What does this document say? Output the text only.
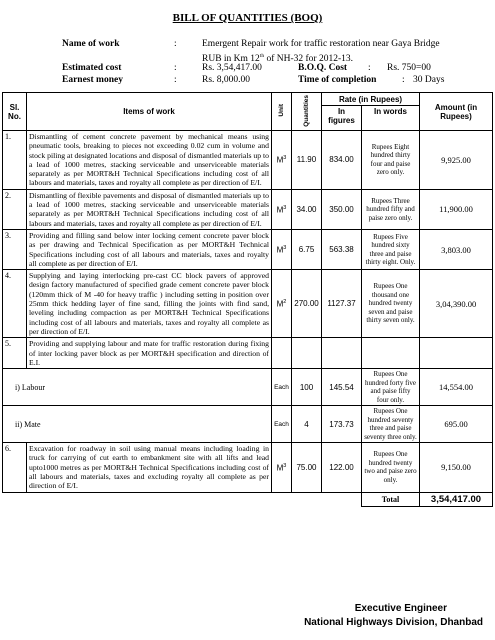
BILL OF QUANTITIES (BOQ)
Name of work	:	Emergent Repair work for traffic restoration near Gaya Bridge
RUB in Km 12th of NH-32 for 2012-13.
Estimated cost	:	Rs. 3,54,417.00	B.O.Q. Cost : Rs. 750=00
Earnest money	:	Rs. 8,000.00	Time of completion	: 30 Days
Sl. No.	Items of work	Unit	Quantities	Rate (in Rupees)		Amount (in Rupees)
				In figures	In words	
1.	Dismantling of cement concrete pavement by mechanical means using pneumatic tools, breaking to pieces not exceeding 0.02 cum in volume and stock piling at designated locations and disposal of dismantled materials up to a lead of 1000 metres, stacking serviceable and unserviceable materials separately as per MORT&H Technical Specifications including cost of all labours and materials, taxes and royalty all complete as per direction of E/I.	$M^3$	11.90	834.00	Rupees Eight hundred thirty four and paise zero only.	9,925.00
2.	Dismantling of flexible pavements and disposal of dismantled materials up to a lead of 1000 metres, stacking serviceable and unserviceable materials separately as per MORT&H Technical Specifications including cost of all labours and materials, taxes and royalty all complete as per direction of E/I.	$M^3$	34.00	350.00	Rupees Three hundred fifty and paise zero only.	11,900.00
3.	Providing and filling sand below inter locking cement concrete paver block as per drawing and Technical Specification as per MORT&H Technical Specifications including cost of all labours and materials, taxes and royalty all complete as per direction of E/I.	$M^3$	6.75	563.38	Rupees Five hundred sixty three and paise thirty eight. Only.	3,803.00
4.	Supplying and laying interlocking pre-cast CC block pavers of approved design factory manufactured of specified grade cement concrete paver block (120mm thick of M -40 for heavy traffic ) including setting in position over 25mm thick hedding layer of fine sand, filling the joints with find sand, leveling including compaction as per MORT&H Technical Specifications including cost of all labours and materials, taxes and royalty all complete as per direction of E/I.	$M^2$	270.00	1127.37	Rupees One thousand one hundred twenty seven and paise thirty seven only.	3,04,390.00
5.	Providing and supplying labour and mate for traffic restoration during fixing of inter locking paver block as per MORT&H specification and direction of E.I.					
i) Labour		Each	100	145.54	Rupees One hundred forty five and paise fifty four only.	14,554.00
ii) Mate		Each	4	173.73	Rupees One hundred seventy three and paise seventy three only.	695.00
6.	Excavation for roadway in soil using manual means including loading in truck for carrying of cut earth to embankment site with all lifts and lead upto1000 metres as per MORT&H Technical Specifications including cost of all labours and materials, taxes and excluding royalty all complete as per direction of E/I.	$M^3$	75.00	122.00	Rupees One hundred twenty two and paise zero only.	9,150.00
					Total	3,54,417.00
Executive Engineer
National Highways Division, Dhanbad
